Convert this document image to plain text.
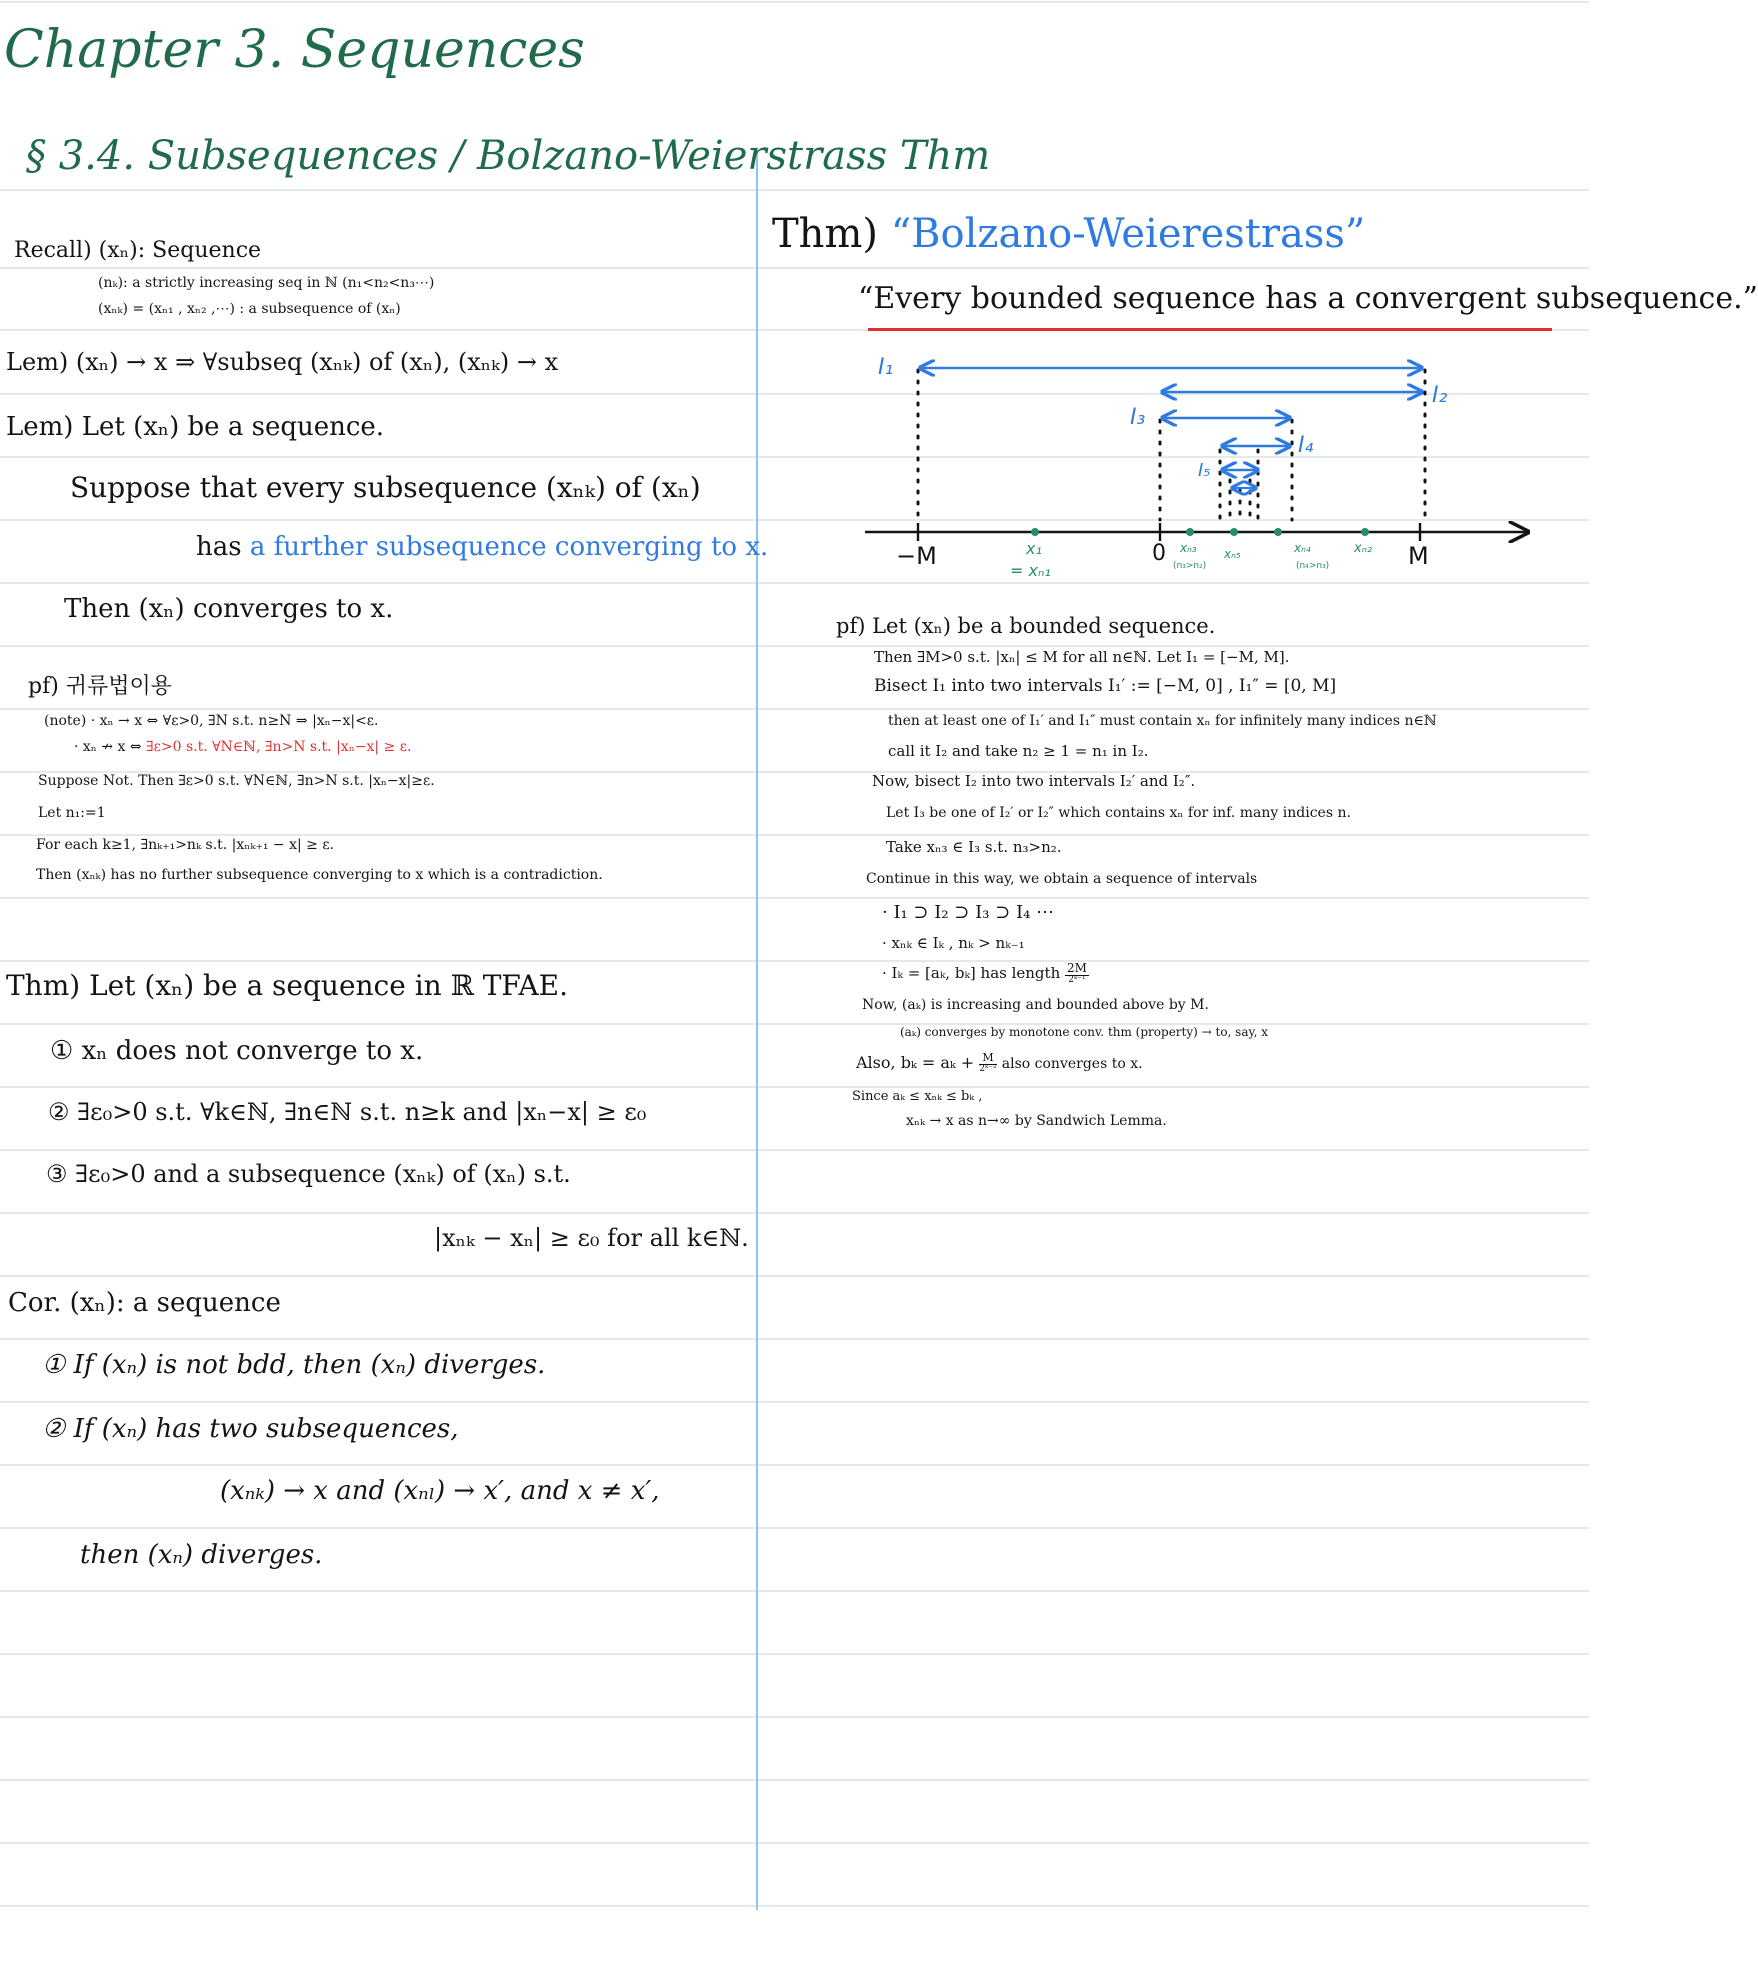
Chapter 3. Sequences
§ 3.4. Subsequences / Bolzano-Weierstrass Thm
Recall) (xₙ): Sequence
(nₖ): a strictly increasing seq in ℕ (n₁<n₂<n₃⋯)
(xₙₖ) = (xₙ₁ , xₙ₂ ,⋯) : a subsequence of (xₙ)
Lem) (xₙ) → x ⇒ ∀subseq (xₙₖ) of (xₙ), (xₙₖ) → x
Lem) Let (xₙ) be a sequence.
Suppose that every subsequence (xₙₖ) of (xₙ)
has a further subsequence converging to x.
Then (xₙ) converges to x.
pf) 귀류법이용
(note) · xₙ → x ⇔ ∀ε>0, ∃N s.t. n≥N ⇒ |xₙ−x|<ε.
· xₙ ↛ x ⇔ ∃ε>0 s.t. ∀N∈ℕ, ∃n>N s.t. |xₙ−x| ≥ ε.
Suppose Not. Then ∃ε>0 s.t. ∀N∈ℕ, ∃n>N s.t. |xₙ−x|≥ε.
Let n₁:=1
For each k≥1, ∃nₖ₊₁>nₖ s.t. |xₙₖ₊₁ − x| ≥ ε.
Then (xₙₖ) has no further subsequence converging to x which is a contradiction.
Thm) Let (xₙ) be a sequence in ℝ TFAE.
① xₙ does not converge to x.
② ∃ε₀>0 s.t. ∀k∈ℕ, ∃n∈ℕ s.t. n≥k and |xₙ−x| ≥ ε₀
③ ∃ε₀>0 and a subsequence (xₙₖ) of (xₙ) s.t.
|xₙₖ − xₙ| ≥ ε₀ for all k∈ℕ.
Cor. (xₙ): a sequence
① If (xₙ) is not bdd, then (xₙ) diverges.
② If (xₙ) has two subsequences,
(xₙₖ) → x and (xₙₗ) → x′, and x ≠ x′,
then (xₙ) diverges.
Thm) “Bolzano-Weierestrass”
“Every bounded sequence has a convergent subsequence.”
I₁
I₂
I₃
I₄
I₅
−M	0	M
x₁
= xₙ₁
xₙ₃
(n₃>n₂)
xₙ₅	xₙ₄
(n₄>n₃)
xₙ₂
pf) Let (xₙ) be a bounded sequence.
Then ∃M>0 s.t. |xₙ| ≤ M for all n∈ℕ. Let I₁ = [−M, M].
Bisect I₁ into two intervals I₁′ := [−M, 0] , I₁″ = [0, M]
then at least one of I₁′ and I₁″ must contain xₙ for infinitely many indices n∈ℕ
call it I₂ and take n₂ ≥ 1 = n₁ in I₂.
Now, bisect I₂ into two intervals I₂′ and I₂″.
Let I₃ be one of I₂′ or I₂″ which contains xₙ for inf. many indices n.
Take xₙ₃ ∈ I₃ s.t. n₃>n₂.
Continue in this way, we obtain a sequence of intervals
· I₁ ⊃ I₂ ⊃ I₃ ⊃ I₄ ⋯
· xₙₖ ∈ Iₖ , nₖ > nₖ₋₁
· Iₖ = [aₖ, bₖ] has length 2M
2ᵏ⁻¹
Now, (aₖ) is increasing and bounded above by M.
(aₖ) converges by monotone conv. thm (property) → to, say, x
Also, bₖ = aₖ + M
2ᵏ⁻² also converges to x.
Since aₖ ≤ xₙₖ ≤ bₖ ,
xₙₖ → x as n→∞ by Sandwich Lemma.
